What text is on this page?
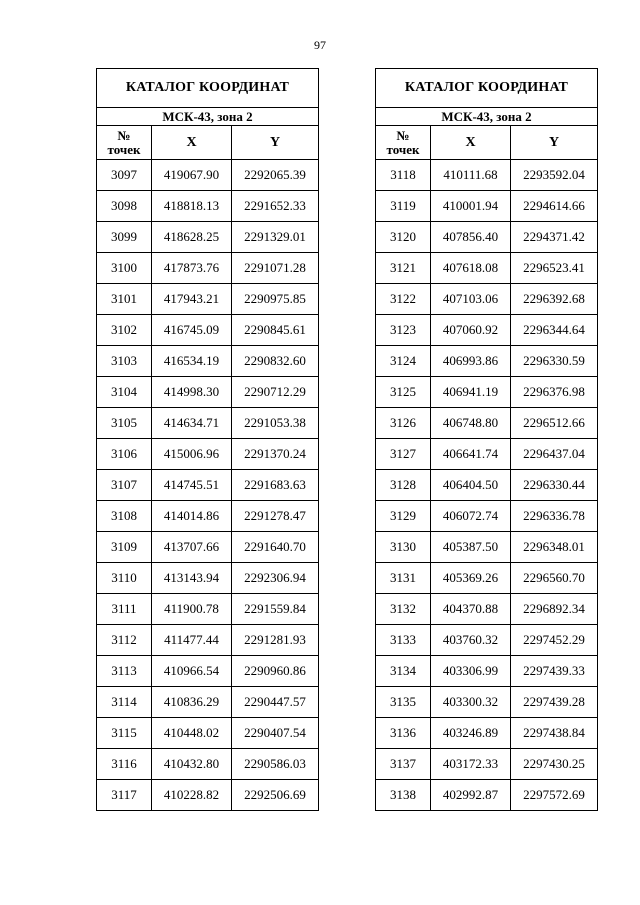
97
КАТАЛОГ КООРДИНАТ		
МСК-43, зона 2		
№
точек	X	Y
3097	419067.90	2292065.39
3098	418818.13	2291652.33
3099	418628.25	2291329.01
3100	417873.76	2291071.28
3101	417943.21	2290975.85
3102	416745.09	2290845.61
3103	416534.19	2290832.60
3104	414998.30	2290712.29
3105	414634.71	2291053.38
3106	415006.96	2291370.24
3107	414745.51	2291683.63
3108	414014.86	2291278.47
3109	413707.66	2291640.70
3110	413143.94	2292306.94
3111	411900.78	2291559.84
3112	411477.44	2291281.93
3113	410966.54	2290960.86
3114	410836.29	2290447.57
3115	410448.02	2290407.54
3116	410432.80	2290586.03
3117	410228.82	2292506.69
КАТАЛОГ КООРДИНАТ		
МСК-43, зона 2		
№
точек	X	Y
3118	410111.68	2293592.04
3119	410001.94	2294614.66
3120	407856.40	2294371.42
3121	407618.08	2296523.41
3122	407103.06	2296392.68
3123	407060.92	2296344.64
3124	406993.86	2296330.59
3125	406941.19	2296376.98
3126	406748.80	2296512.66
3127	406641.74	2296437.04
3128	406404.50	2296330.44
3129	406072.74	2296336.78
3130	405387.50	2296348.01
3131	405369.26	2296560.70
3132	404370.88	2296892.34
3133	403760.32	2297452.29
3134	403306.99	2297439.33
3135	403300.32	2297439.28
3136	403246.89	2297438.84
3137	403172.33	2297430.25
3138	402992.87	2297572.69
